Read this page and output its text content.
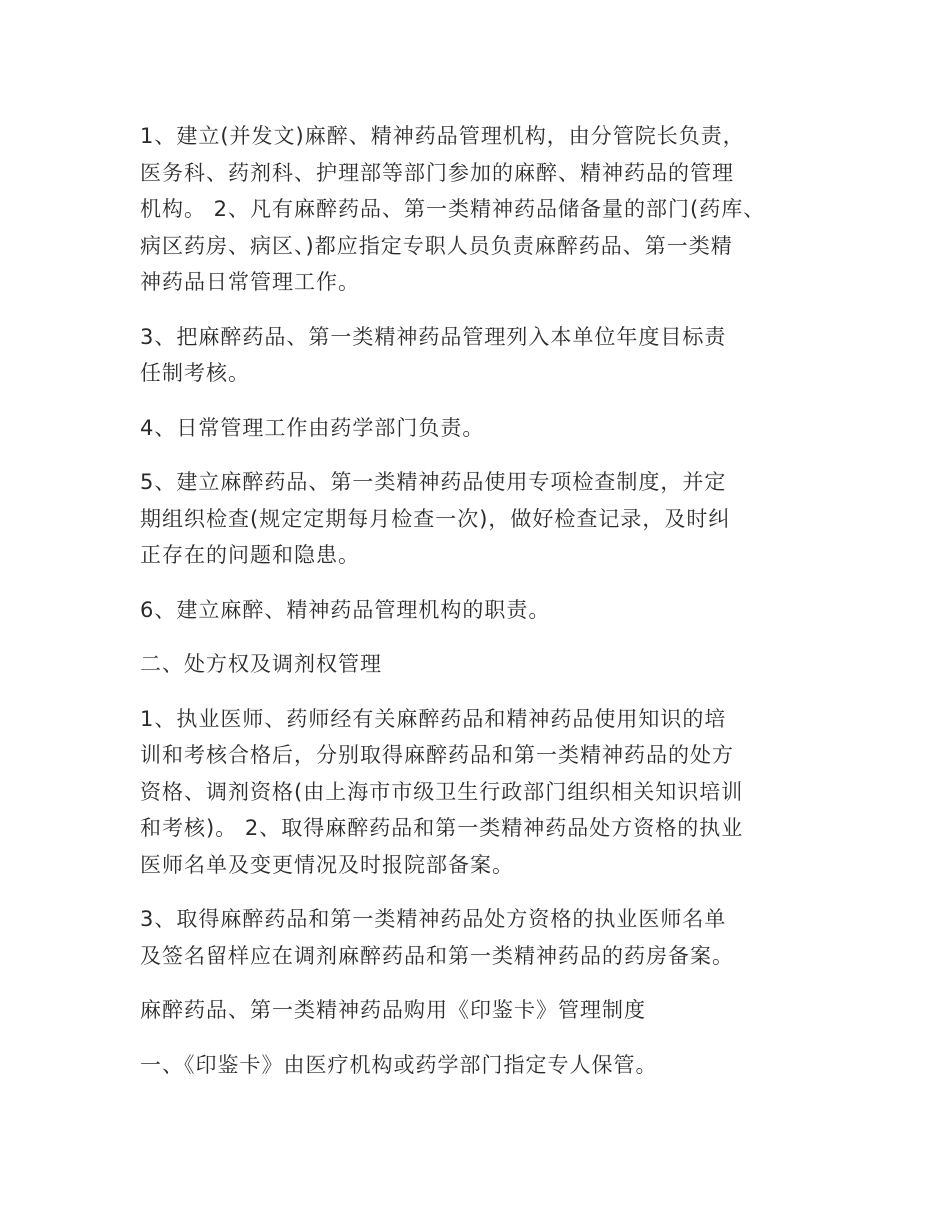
1、建立(并发文)麻醉、精神药品管理机构，由分管院长负责，
医务科、药剂科、护理部等部门参加的麻醉、精神药品的管理
机构。 2、凡有麻醉药品、第一类精神药品储备量的部门(药库、
病区药房、病区、)都应指定专职人员负责麻醉药品、第一类精
神药品日常管理工作。

3、把麻醉药品、第一类精神药品管理列入本单位年度目标责
任制考核。

4、日常管理工作由药学部门负责。

5、建立麻醉药品、第一类精神药品使用专项检查制度，并定
期组织检查(规定定期每月检查一次)，做好检查记录，及时纠
正存在的问题和隐患。

6、建立麻醉、精神药品管理机构的职责。

二、处方权及调剂权管理

1、执业医师、药师经有关麻醉药品和精神药品使用知识的培
训和考核合格后，分别取得麻醉药品和第一类精神药品的处方
资格、调剂资格(由上海市市级卫生行政部门组织相关知识培训
和考核)。 2、取得麻醉药品和第一类精神药品处方资格的执业
医师名单及变更情况及时报院部备案。

3、取得麻醉药品和第一类精神药品处方资格的执业医师名单
及签名留样应在调剂麻醉药品和第一类精神药品的药房备案。

麻醉药品、第一类精神药品购用《印鉴卡》管理制度

一、《印鉴卡》由医疗机构或药学部门指定专人保管。
